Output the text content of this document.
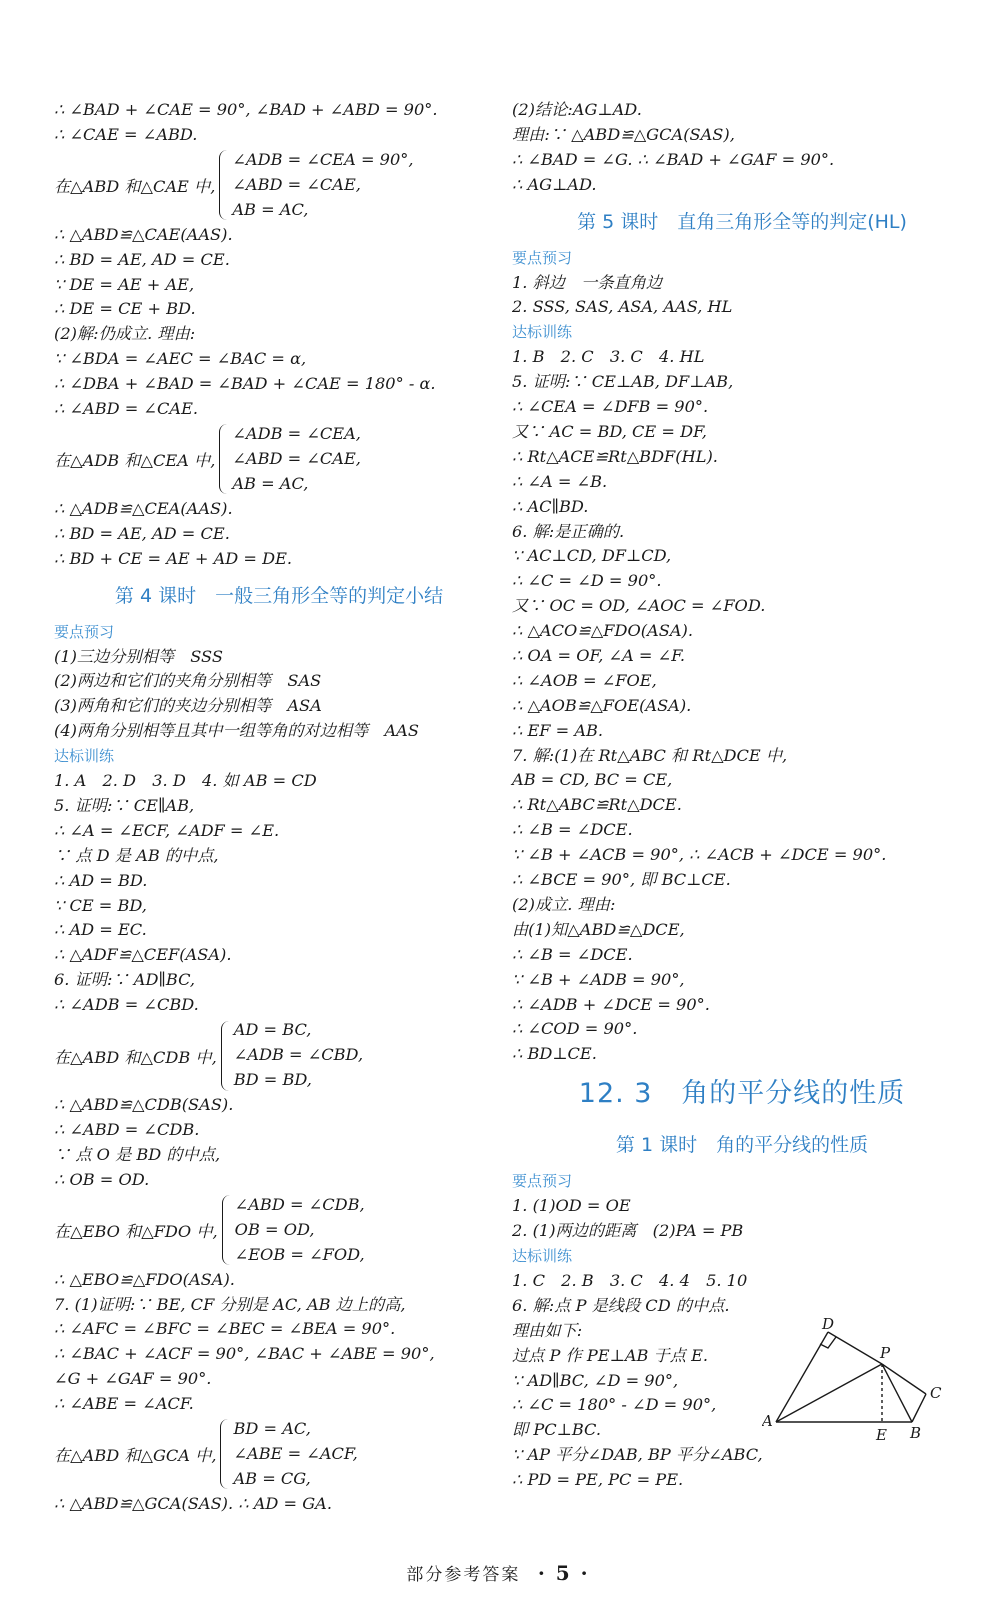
∴ ∠BAD + ∠CAE = 90°, ∠BAD + ∠ABD = 90°.
∴ ∠CAE = ∠ABD.
在△ABD 和△CAE 中,
∠ADB = ∠CEA = 90°,
∠ABD = ∠CAE,
AB = AC,
∴ △ABD≌△CAE(AAS).
∴ BD = AE, AD = CE.
∵ DE = AE + AE,
∴ DE = CE + BD.
(2)解:仍成立. 理由:
∵ ∠BDA = ∠AEC = ∠BAC = α,
∴ ∠DBA + ∠BAD = ∠BAD + ∠CAE = 180° - α.
∴ ∠ABD = ∠CAE.
在△ADB 和△CEA 中,
∠ADB = ∠CEA,
∠ABD = ∠CAE,
AB = AC,
∴ △ADB≌△CEA(AAS).
∴ BD = AE, AD = CE.
∴ BD + CE = AE + AD = DE.
第 4 课时　一般三角形全等的判定小结
要点预习
(1)三边分别相等　SSS
(2)两边和它们的夹角分别相等　SAS
(3)两角和它们的夹边分别相等　ASA
(4)两角分别相等且其中一组等角的对边相等　AAS
达标训练
1. A　2. D　3. D　4. 如 AB = CD
5. 证明:∵ CE∥AB,
∴ ∠A = ∠ECF, ∠ADF = ∠E.
∵ 点 D 是 AB 的中点,
∴ AD = BD.
∵ CE = BD,
∴ AD = EC.
∴ △ADF≌△CEF(ASA).
6. 证明:∵ AD∥BC,
∴ ∠ADB = ∠CBD.
在△ABD 和△CDB 中,
AD = BC,
∠ADB = ∠CBD,
BD = BD,
∴ △ABD≌△CDB(SAS).
∴ ∠ABD = ∠CDB.
∵ 点 O 是 BD 的中点,
∴ OB = OD.
在△EBO 和△FDO 中,
∠ABD = ∠CDB,
OB = OD,
∠EOB = ∠FOD,
∴ △EBO≌△FDO(ASA).
7. (1)证明:∵ BE, CF 分别是 AC, AB 边上的高,
∴ ∠AFC = ∠BFC = ∠BEC = ∠BEA = 90°.
∴ ∠BAC + ∠ACF = 90°, ∠BAC + ∠ABE = 90°,
∠G + ∠GAF = 90°.
∴ ∠ABE = ∠ACF.
在△ABD 和△GCA 中,
BD = AC,
∠ABE = ∠ACF,
AB = CG,
∴ △ABD≌△GCA(SAS). ∴ AD = GA.
(2)结论:AG⊥AD.
理由:∵ △ABD≌△GCA(SAS),
∴ ∠BAD = ∠G. ∴ ∠BAD + ∠GAF = 90°.
∴ AG⊥AD.
第 5 课时　直角三角形全等的判定(HL)
要点预习
1. 斜边　一条直角边
2. SSS, SAS, ASA, AAS, HL
达标训练
1. B　2. C　3. C　4. HL
5. 证明:∵ CE⊥AB, DF⊥AB,
∴ ∠CEA = ∠DFB = 90°.
又∵ AC = BD, CE = DF,
∴ Rt△ACE≌Rt△BDF(HL).
∴ ∠A = ∠B.
∴ AC∥BD.
6. 解:是正确的.
∵ AC⊥CD, DF⊥CD,
∴ ∠C = ∠D = 90°.
又∵ OC = OD, ∠AOC = ∠FOD.
∴ △ACO≌△FDO(ASA).
∴ OA = OF, ∠A = ∠F.
∴ ∠AOB = ∠FOE,
∴ △AOB≌△FOE(ASA).
∴ EF = AB.
7. 解:(1)在 Rt△ABC 和 Rt△DCE 中,
AB = CD, BC = CE,
∴ Rt△ABC≌Rt△DCE.
∴ ∠B = ∠DCE.
∵ ∠B + ∠ACB = 90°, ∴ ∠ACB + ∠DCE = 90°.
∴ ∠BCE = 90°, 即 BC⊥CE.
(2)成立. 理由:
由(1)知△ABD≌△DCE,
∴ ∠B = ∠DCE.
∵ ∠B + ∠ADB = 90°,
∴ ∠ADB + ∠DCE = 90°.
∴ ∠COD = 90°.
∴ BD⊥CE.
12. 3 角的平分线的性质
第 1 课时　角的平分线的性质
要点预习
1. (1)OD = OE
2. (1)两边的距离　(2)PA = PB
达标训练
1. C　2. B　3. C　4. 4　5. 10
6. 解:点 P 是线段 CD 的中点.
理由如下:
过点 P 作 PE⊥AB 于点 E.
∵ AD∥BC, ∠D = 90°,
∴ ∠C = 180° - ∠D = 90°,
即 PC⊥BC.
∵ AP 平分∠DAB, BP 平分∠ABC,
∴ PD = PE, PC = PE.
D
P
C
A
E B
部分参考答案 · 5 ·
